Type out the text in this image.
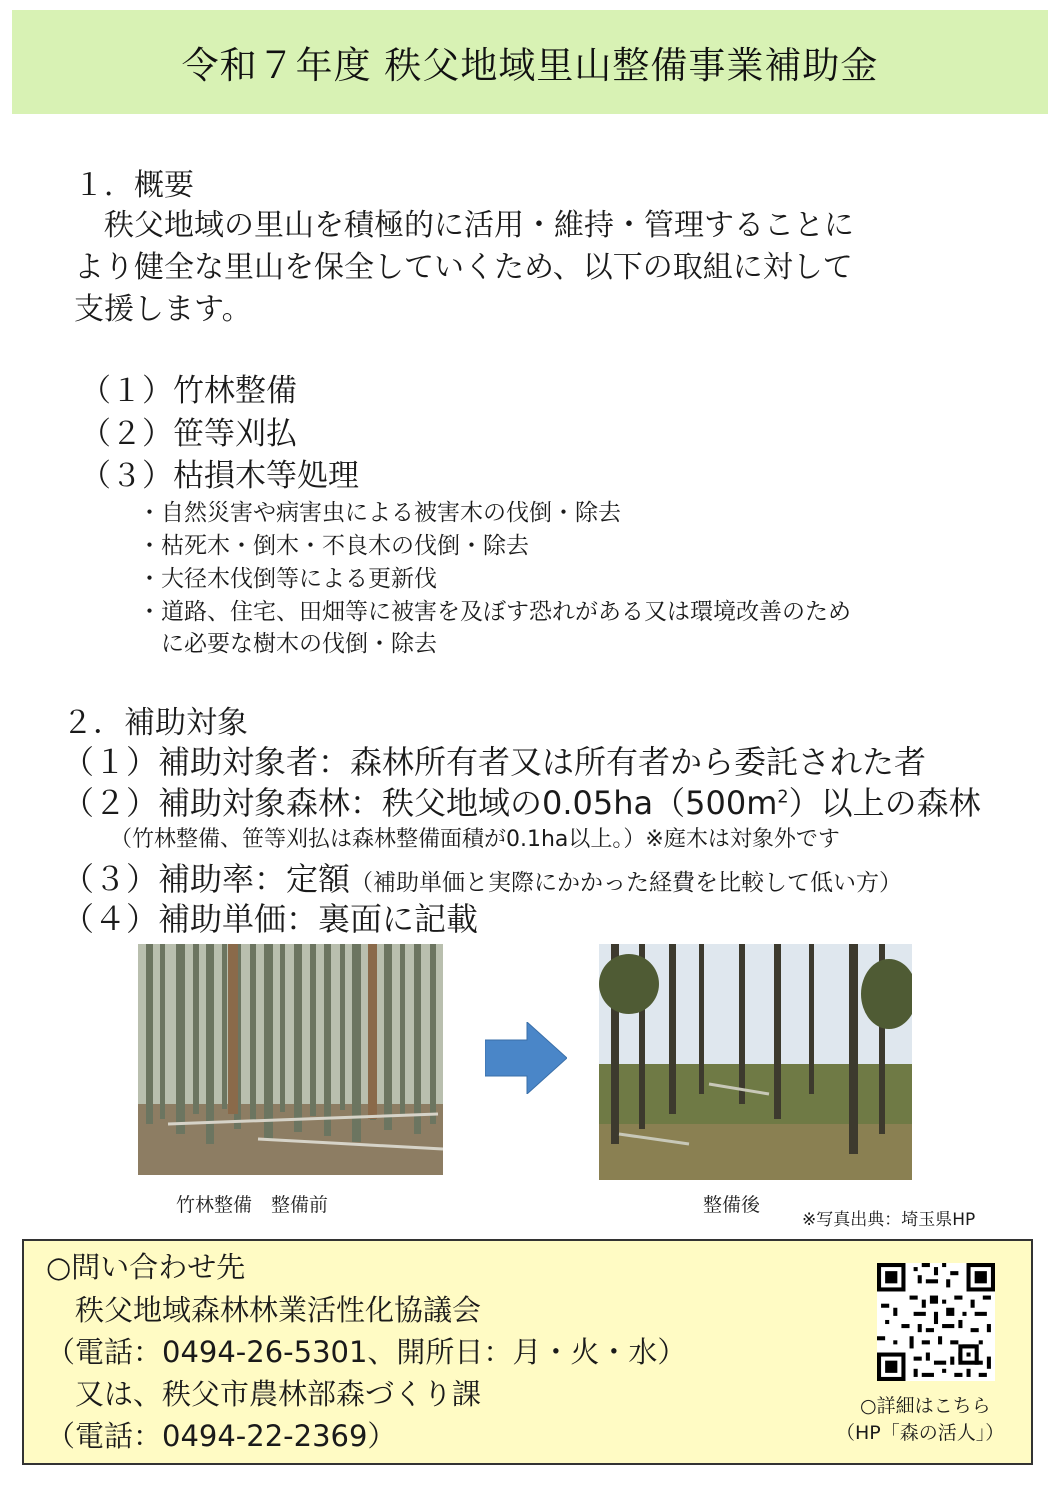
令和７年度 秩父地域里山整備事業補助金
１．概要
　秩父地域の里山を積極的に活用・維持・管理することに
より健全な里山を保全していくため、以下の取組に対して
支援します。
（１）竹林整備
（２）笹等刈払
（３）枯損木等処理
・自然災害や病害虫による被害木の伐倒・除去
・枯死木・倒木・不良木の伐倒・除去
・大径木伐倒等による更新伐
・道路、住宅、田畑等に被害を及ぼす恐れがある又は環境改善のため
　に必要な樹木の伐倒・除去
２．補助対象
（１）補助対象者：森林所有者又は所有者から委託された者
（２）補助対象森林：秩父地域の$0.05ha(500m^2)$以上の森林
（竹林整備、笹等刈払は森林整備面積が0.1ha以上。）※庭木は対象外です
（３）補助率：定額（補助単価と実際にかかった経費を比較して低い方）
（４）補助単価：裏面に記載
竹林整備　整備前	整備後
※写真出典：埼玉県HP
○問い合わせ先
　秩父地域森林林業活性化協議会
（電話：0494-26-5301、開所日：月・火・水）
　又は、秩父市農林部森づくり課
（電話：0494-22-2369）
○詳細はこちら
（HP「森の活人」）
